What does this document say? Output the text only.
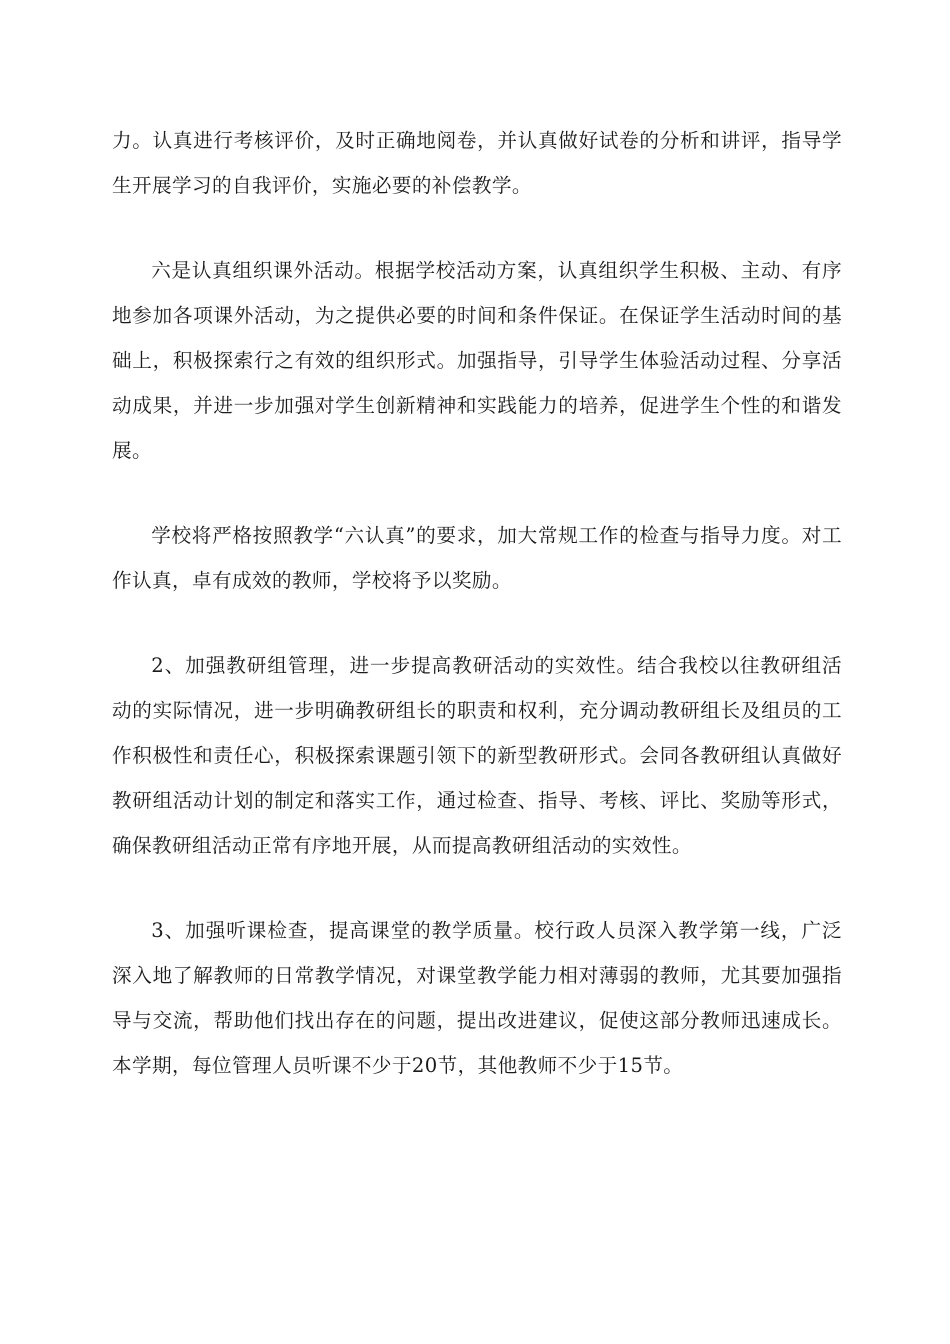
力。认真进行考核评价，及时正确地阅卷，并认真做好试卷的分析和讲评，指导学生开展学习的自我评价，实施必要的补偿教学。

六是认真组织课外活动。根据学校活动方案，认真组织学生积极、主动、有序地参加各项课外活动，为之提供必要的时间和条件保证。在保证学生活动时间的基础上，积极探索行之有效的组织形式。加强指导，引导学生体验活动过程、分享活动成果，并进一步加强对学生创新精神和实践能力的培养，促进学生个性的和谐发展。

学校将严格按照教学“六认真”的要求，加大常规工作的检查与指导力度。对工作认真，卓有成效的教师，学校将予以奖励。

2、加强教研组管理，进一步提高教研活动的实效性。结合我校以往教研组活动的实际情况，进一步明确教研组长的职责和权利，充分调动教研组长及组员的工作积极性和责任心，积极探索课题引领下的新型教研形式。会同各教研组认真做好教研组活动计划的制定和落实工作，通过检查、指导、考核、评比、奖励等形式，确保教研组活动正常有序地开展，从而提高教研组活动的实效性。

3、加强听课检查，提高课堂的教学质量。校行政人员深入教学第一线，广泛深入地了解教师的日常教学情况，对课堂教学能力相对薄弱的教师，尤其要加强指导与交流，帮助他们找出存在的问题，提出改进建议，促使这部分教师迅速成长。本学期，每位管理人员听课不少于20节，其他教师不少于15节。
